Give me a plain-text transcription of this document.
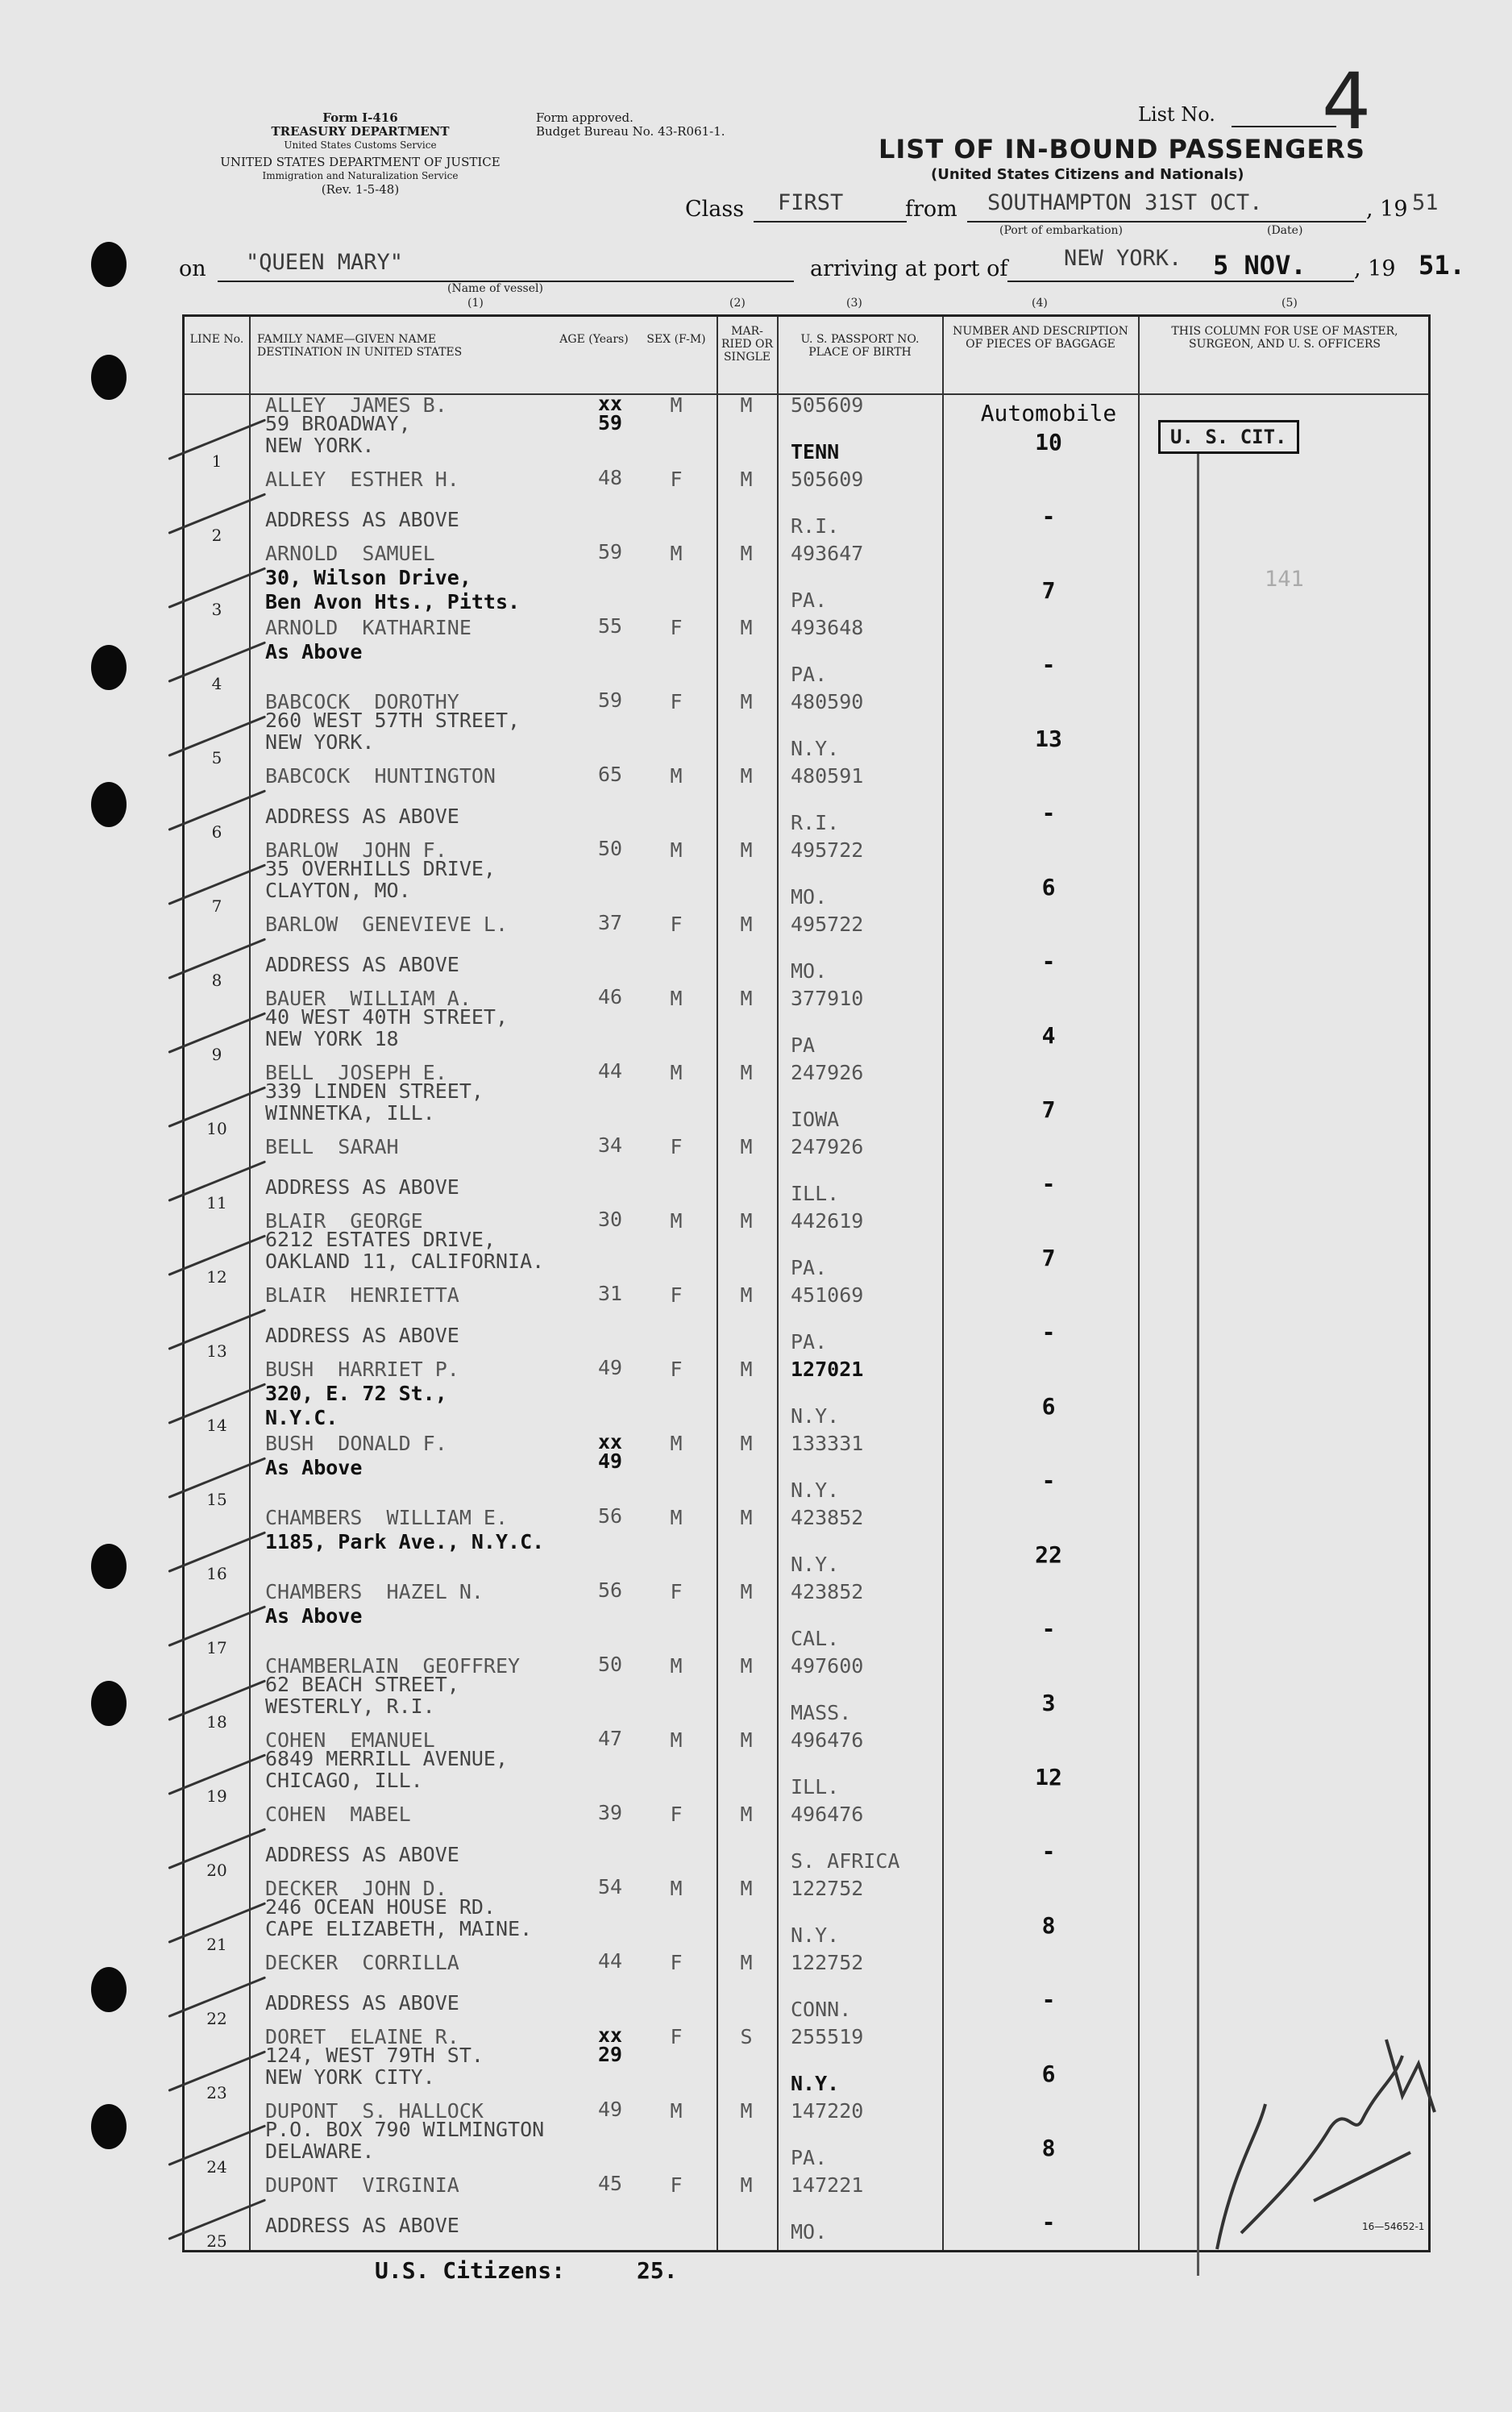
Form I-416
TREASURY DEPARTMENT
United States Customs Service
UNITED STATES DEPARTMENT OF JUSTICE
Immigration and Naturalization Service
(Rev. 1-5-48)
Form approved.
Budget Bureau No. 43-R061-1.
List No. 4
LIST OF IN-BOUND PASSENGERS
(United States Citizens and Nationals)
Class FIRST	from SOUTHAMPTON 31ST OCT.	, 19 51
(Port of embarkation)	(Date)
on "QUEEN MARY"	arriving at port of	NEW YORK. 5 NOV. , 19 51.
(Name of vessel)
(1)	(2)	(3)	(4)	(5)
LINE No.	FAMILY NAME—GIVEN NAME
DESTINATION IN UNITED STATES
AGE (Years)	SEX (F-M)
MAR- RIED OR SINGLE
U. S. PASSPORT NO. PLACE OF BIRTH
NUMBER AND DESCRIPTION OF PIECES OF BAGGAGE
THIS COLUMN FOR USE OF MASTER, SURGEON, AND U. S. OFFICERS
1
ALLEY  JAMES B.
59 BROADWAY,
NEW YORK.
xx
59
M	M	505609
TENN
Automobile
10
2
ALLEY  ESTHER H.

ADDRESS AS ABOVE
48	F	M	505609
R.I.	-
3
ARNOLD  SAMUEL
30, Wilson Drive,
Ben Avon Hts., Pitts.
59	M	M	493647
PA.	7
4
ARNOLD  KATHARINE
As Above
55	F	M	493648
PA.	-
5
BABCOCK  DOROTHY
260 WEST 57TH STREET,
NEW YORK.
59	F	M	480590
N.Y.	13
6
BABCOCK  HUNTINGTON

ADDRESS AS ABOVE
65	M	M	480591
R.I.	-
7
BARLOW  JOHN F.
35 OVERHILLS DRIVE,
CLAYTON, MO.
50	M	M	495722
MO.	6
8
BARLOW  GENEVIEVE L.

ADDRESS AS ABOVE
37	F	M	495722
MO.	-
9
BAUER  WILLIAM A.
40 WEST 40TH STREET,
NEW YORK 18
46	M	M	377910
PA	4
10
BELL  JOSEPH E.
339 LINDEN STREET,
WINNETKA, ILL.
44	M	M	247926
IOWA	7
11
BELL  SARAH

ADDRESS AS ABOVE
34	F	M	247926
ILL.	-
12
BLAIR  GEORGE
6212 ESTATES DRIVE,
OAKLAND 11, CALIFORNIA.
30	M	M	442619
PA.	7
13
BLAIR  HENRIETTA

ADDRESS AS ABOVE
31	F	M	451069
PA.	-
14
BUSH  HARRIET P.
320, E. 72 St.,
N.Y.C.
49	F	M	127021
N.Y.	6
15
BUSH  DONALD F.
As Above
xx
49
M	M	133331
N.Y.	-
16
CHAMBERS  WILLIAM E.
1185, Park Ave., N.Y.C.
56	M	M	423852
N.Y.	22
17
CHAMBERS  HAZEL N.
As Above
56	F	M	423852
CAL.	-
18
CHAMBERLAIN  GEOFFREY
62 BEACH STREET,
WESTERLY, R.I.
50	M	M	497600
MASS.	3
19
COHEN  EMANUEL
6849 MERRILL AVENUE,
CHICAGO, ILL.
47	M	M	496476
ILL.	12
20
COHEN  MABEL

ADDRESS AS ABOVE
39	F	M	496476
S. AFRICA	-
21
DECKER  JOHN D.
246 OCEAN HOUSE RD.
CAPE ELIZABETH, MAINE.
54	M	M	122752
N.Y.	8
22
DECKER  CORRILLA

ADDRESS AS ABOVE
44	F	M	122752
CONN.	-
23
DORET  ELAINE R.
124, WEST 79TH ST.
NEW YORK CITY.
xx
29
F	S	255519
N.Y.	6
24
DUPONT  S. HALLOCK
P.O. BOX 790 WILMINGTON
DELAWARE.
49	M	M	147220
PA.	8
25
DUPONT  VIRGINIA

ADDRESS AS ABOVE
45	F	M	147221
MO.	-
U. S. CIT.
141
U.S. Citizens:	25.
16—54652-1
